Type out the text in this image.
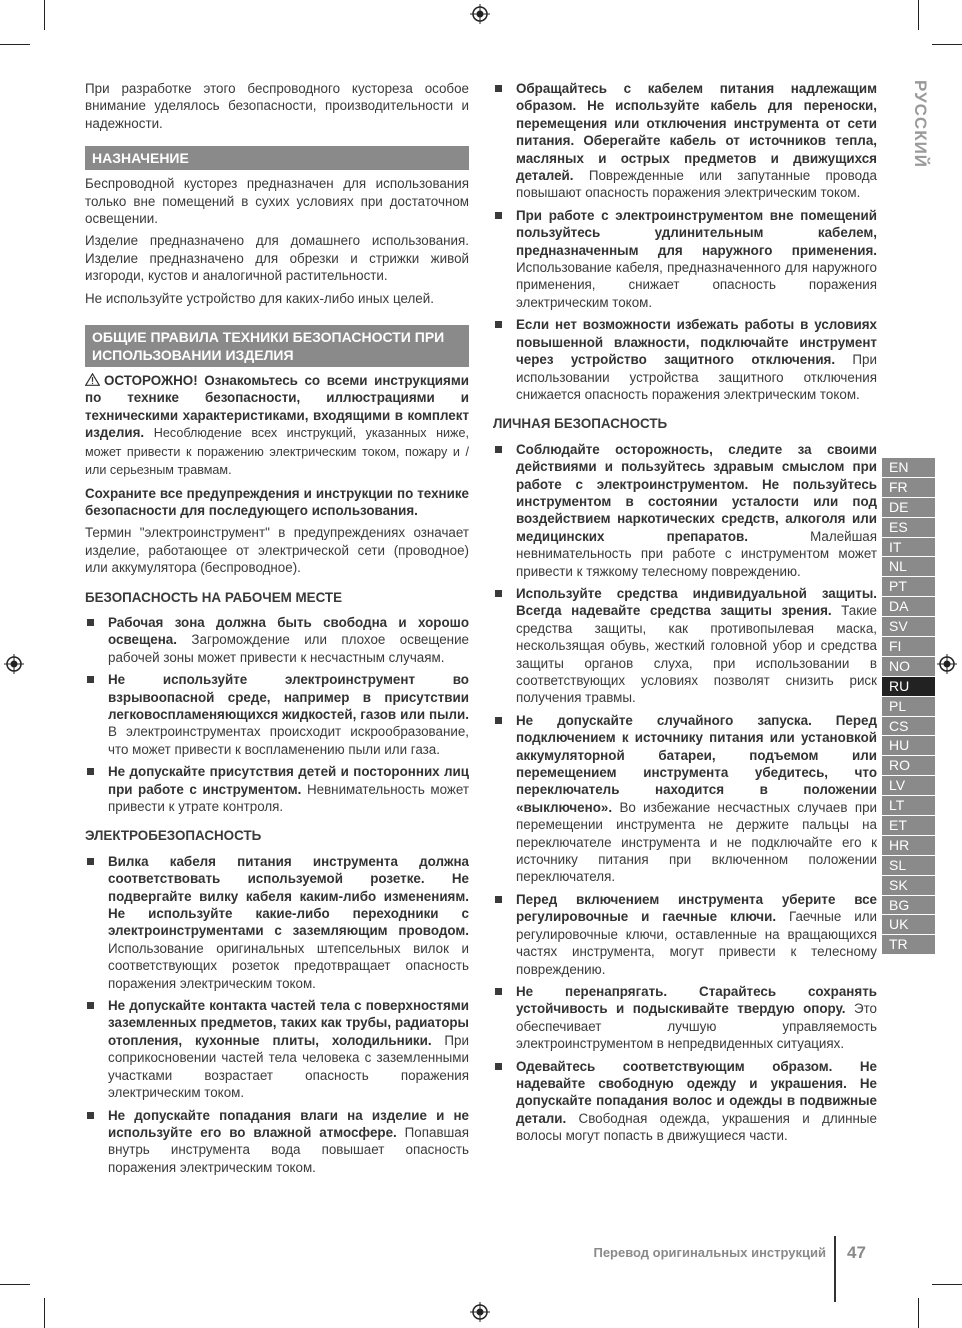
При разработке этого беспроводного кустореза особое внимание уделялось безопасности, производительности и надежности.

НАЗНАЧЕНИЕ

Беспроводной кусторез предназначен для использования только вне помещений в сухих условиях при достаточном освещении.

Изделие предназначено для домашнего использования. Изделие предназначено для обрезки и стрижки живой изгороди, кустов и аналогичной растительности.

Не используйте устройство для каких-либо иных целей.

ОБЩИЕ ПРАВИЛА ТЕХНИКИ БЕЗОПАСНОСТИ ПРИ ИСПОЛЬЗОВАНИИ ИЗДЕЛИЯ

ОСТОРОЖНО! Ознакомьтесь со всеми инструкциями по технике безопасности, иллюстрациями и техническими характеристиками, входящими в комплект изделия. Несоблюдение всех инструкций, указанных ниже, может привести к поражению электрическим током, пожару и / или серьезным травмам.

Сохраните все предупреждения и инструкции по технике безопасности для последующего использования.

Термин "электроинструмент" в предупреждениях означает изделие, работающее от электрической сети (проводное) или аккумулятора (беспроводное).

БЕЗОПАСНОСТЬ НА РАБОЧЕМ МЕСТЕ
Рабочая зона должна быть свободна и хорошо освещена. Загромождение или плохое освещение рабочей зоны может привести к несчастным случаям.
Не используйте электроинструмент во взрывоопасной среде, например в присутствии легковоспламеняющихся жидкостей, газов или пыли. В электроинструментах происходит искрообразование, что может привести к воспламенению пыли или газа.
Не допускайте присутствия детей и посторонних лиц при работе с инструментом. Невнимательность может привести к утрате контроля.
ЭЛЕКТРОБЕЗОПАСНОСТЬ
Вилка кабеля питания инструмента должна соответствовать используемой розетке. Не подвергайте вилку кабеля каким-либо изменениям. Не используйте какие-либо переходники с электроинструментами с заземляющим проводом. Использование оригинальных штепсельных вилок и соответствующих розеток предотвращает опасность поражения электрическим током.
Не допускайте контакта частей тела с поверхностями заземленных предметов, таких как трубы, радиаторы отопления, кухонные плиты, холодильники. При соприкосновении частей тела человека с заземленными участками возрастает опасность поражения электрическим током.
Не допускайте попадания влаги на изделие и не используйте его во влажной атмосфере. Попавшая внутрь инструмента вода повышает опасность поражения электрическим током.
Обращайтесь с кабелем питания надлежащим образом. Не используйте кабель для переноски, перемещения или отключения инструмента от сети питания. Оберегайте кабель от источников тепла, масляных и острых предметов и движущихся деталей. Поврежденные или запутанные провода повышают опасность поражения электрическим током.
При работе с электроинструментом вне помещений пользуйтесь удлинительным кабелем, предназначенным для наружного применения. Использование кабеля, предназначенного для наружного применения, снижает опасность поражения электрическим током.
Если нет возможности избежать работы в условиях повышенной влажности, подключайте инструмент через устройство защитного отключения. При использовании устройства защитного отключения снижается опасность поражения электрическим током.
ЛИЧНАЯ БЕЗОПАСНОСТЬ
Соблюдайте осторожность, следите за своими действиями и пользуйтесь здравым смыслом при работе с электроинструментом. Не пользуйтесь инструментом в состоянии усталости или под воздействием наркотических средств, алкоголя или медицинских препаратов. Малейшая невнимательность при работе с инструментом может привести к тяжкому телесному повреждению.
Используйте средства индивидуальной защиты. Всегда надевайте средства защиты зрения. Такие средства защиты, как противопылевая маска, нескользящая обувь, жесткий головной убор и средства защиты органов слуха, при использовании в соответствующих условиях позволят снизить риск получения травмы.
Не допускайте случайного запуска. Перед подключением к источнику питания или установкой аккумуляторной батареи, подъемом или перемещением инструмента убедитесь, что переключатель находится в положении «выключено». Во избежание несчастных случаев при перемещении инструмента не держите пальцы на переключателе инструмента и не подключайте его к источнику питания при включенном положении переключателя.
Перед включением инструмента уберите все регулировочные и гаечные ключи. Гаечные или регулировочные ключи, оставленные на вращающихся частях инструмента, могут привести к телесному повреждению.
Не перенапрягать. Старайтесь сохранять устойчивость и подыскивайте твердую опору. Это обеспечивает лучшую управляемость электроинструментом в непредвиденных ситуациях.
Одевайтесь соответствующим образом. Не надевайте свободную одежду и украшения. Не допускайте попадания волос и одежды в подвижные детали. Свободная одежда, украшения и длинные волосы могут попасть в движущиеся части.
РУССКИЙ
EN
FR
DE
ES
IT
NL
PT
DA
SV
FI
NO
RU
PL
CS
HU
RO
LV
LT
ET
HR
SL
SK
BG
UK
TR
Перевод оригинальных инструкций 47
